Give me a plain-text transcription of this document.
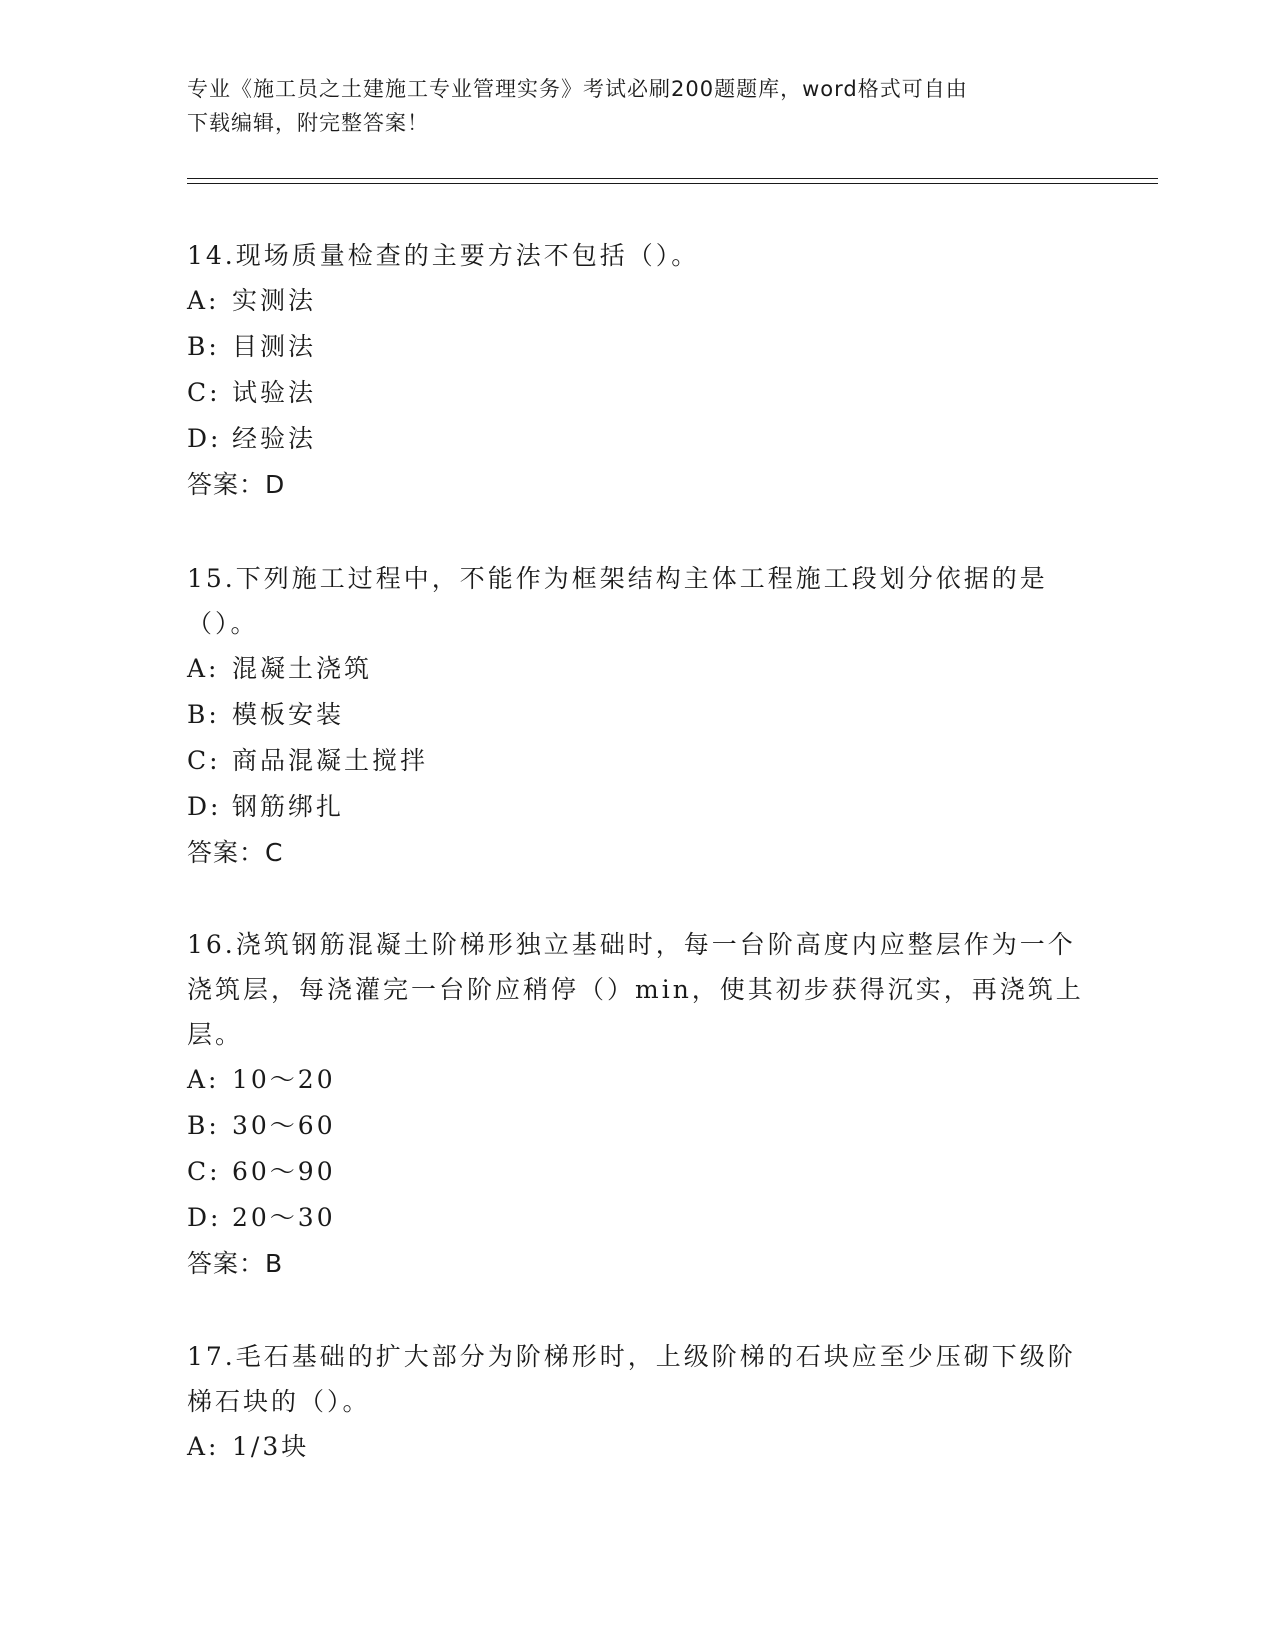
专业《施工员之土建施工专业管理实务》考试必刷200题题库，word格式可自由
下载编辑，附完整答案！

14.现场质量检查的主要方法不包括（）。

A: 实测法

B: 目测法

C: 试验法

D: 经验法

答案：D

15.下列施工过程中，不能作为框架结构主体工程施工段划分依据的是（）。

A: 混凝土浇筑

B: 模板安装

C: 商品混凝土搅拌

D: 钢筋绑扎

答案：C

16.浇筑钢筋混凝土阶梯形独立基础时，每一台阶高度内应整层作为一个浇筑层，每浇灌完一台阶应稍停（）min，使其初步获得沉实，再浇筑上层。

A: 10～20

B: 30～60

C: 60～90

D: 20～30

答案：B

17.毛石基础的扩大部分为阶梯形时，上级阶梯的石块应至少压砌下级阶梯石块的（）。

A: 1/3块
